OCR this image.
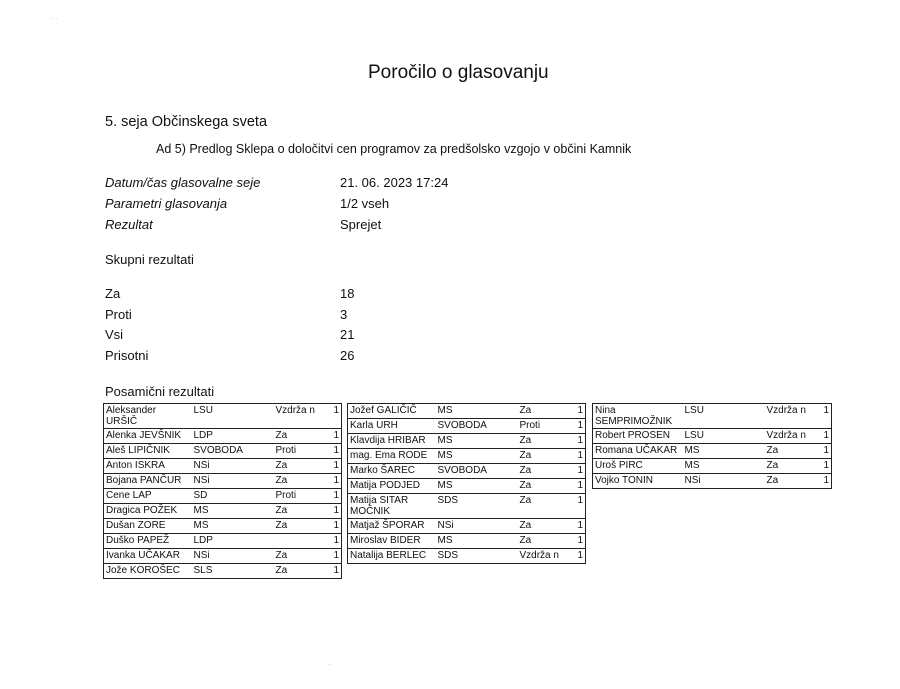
· ·
Poročilo o glasovanju
5. seja Občinskega sveta
Ad 5) Predlog Sklepa o določitvi cen programov za predšolsko vzgojo v občini Kamnik
Datum/čas glasovalne seje	21. 06. 2023 17:24
Parametri glasovanja	1/2 vseh
Rezultat	Sprejet
Skupni rezultati
Za	18
Proti	3
Vsi	21
Prisotni	26
Posamični rezultati
Aleksander URŠIČ	LSU	Vzdrža n	1
Alenka JEVŠNIK	LDP	Za	1
Aleš LIPIČNIK	SVOBODA	Proti	1
Anton ISKRA	NSi	Za	1
Bojana PANČUR	NSi	Za	1
Cene LAP	SD	Proti	1
Dragica POŽEK	MS	Za	1
Dušan ZORE	MS	Za	1
Duško PAPEŽ	LDP		1
Ivanka UČAKAR	NSi	Za	1
Jože KOROŠEC	SLS	Za	1
Jožef GALIČIČ	MS	Za	1
Karla URH	SVOBODA	Proti	1
Klavdija HRIBAR	MS	Za	1
mag. Ema RODE	MS	Za	1
Marko ŠAREC	SVOBODA	Za	1
Matija PODJED	MS	Za	1
Matija SITAR MOČNIK	SDS	Za	1
Matjaž ŠPORAR	NSi	Za	1
Miroslav BIDER	MS	Za	1
Natalija BERLEC	SDS	Vzdrža n	1
Nina SEMPRIMOŽNIK	LSU	Vzdrža n	1
Robert PROSEN	LSU	Vzdrža n	1
Romana UČAKAR	MS	Za	1
Uroš PIRC	MS	Za	1
Vojko TONIN	NSi	Za	1
·
